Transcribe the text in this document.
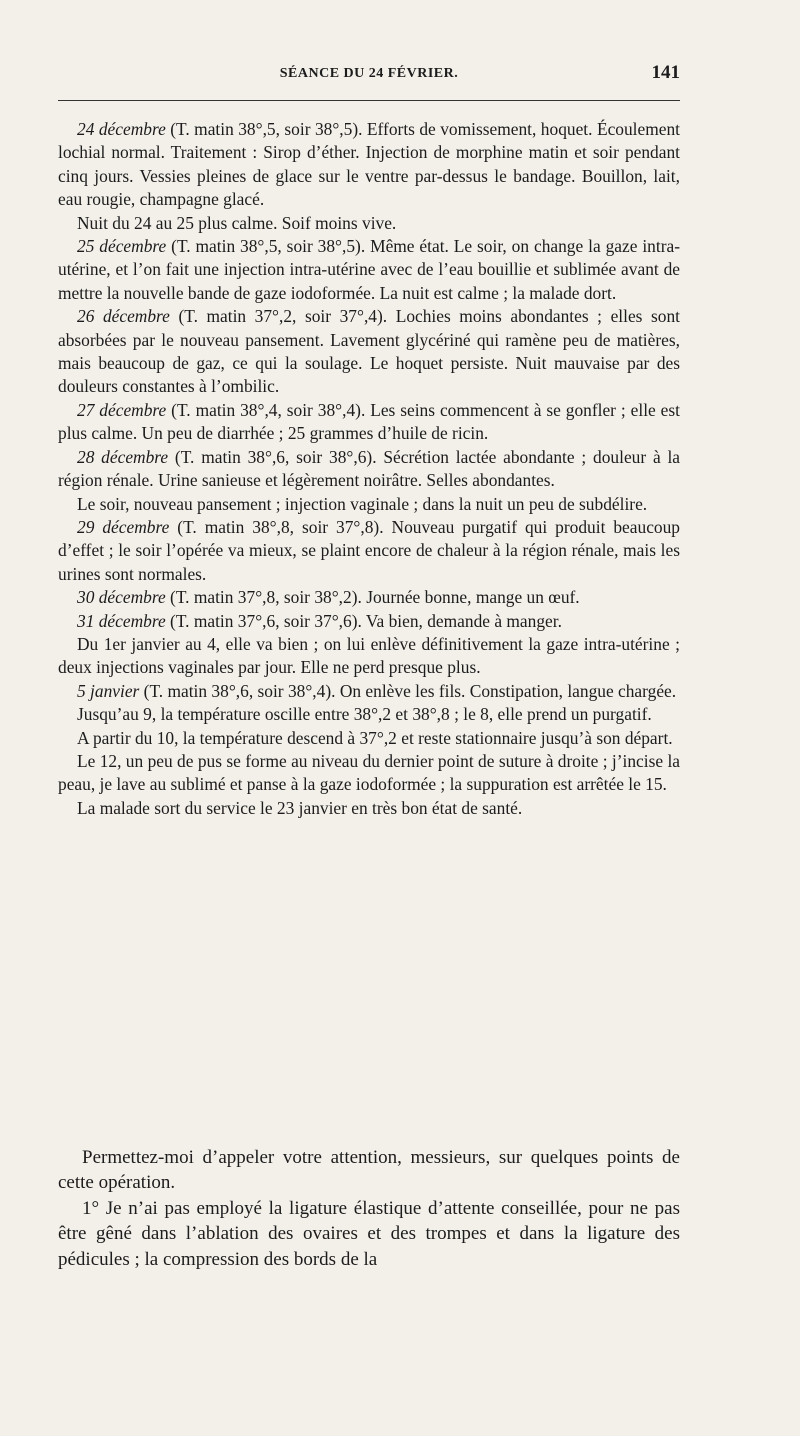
SÉANCE DU 24 FÉVRIER.	141

24 décembre (T. matin 38°,5, soir 38°,5). Efforts de vomissement, hoquet. Écoulement lochial normal. Traitement : Sirop d’éther. Injection de morphine matin et soir pendant cinq jours. Vessies pleines de glace sur le ventre par-dessus le bandage. Bouillon, lait, eau rougie, champagne glacé.

Nuit du 24 au 25 plus calme. Soif moins vive.

25 décembre (T. matin 38°,5, soir 38°,5). Même état. Le soir, on change la gaze intra-utérine, et l’on fait une injection intra-utérine avec de l’eau bouillie et sublimée avant de mettre la nouvelle bande de gaze iodoformée. La nuit est calme ; la malade dort.

26 décembre (T. matin 37°,2, soir 37°,4). Lochies moins abondantes ; elles sont absorbées par le nouveau pansement. Lavement glycériné qui ramène peu de matières, mais beaucoup de gaz, ce qui la soulage. Le hoquet persiste. Nuit mauvaise par des douleurs constantes à l’ombilic.

27 décembre (T. matin 38°,4, soir 38°,4). Les seins commencent à se gonfler ; elle est plus calme. Un peu de diarrhée ; 25 grammes d’huile de ricin.

28 décembre (T. matin 38°,6, soir 38°,6). Sécrétion lactée abondante ; douleur à la région rénale. Urine sanieuse et légèrement noirâtre. Selles abondantes.

Le soir, nouveau pansement ; injection vaginale ; dans la nuit un peu de subdélire.

29 décembre (T. matin 38°,8, soir 37°,8). Nouveau purgatif qui produit beaucoup d’effet ; le soir l’opérée va mieux, se plaint encore de chaleur à la région rénale, mais les urines sont normales.

30 décembre (T. matin 37°,8, soir 38°,2). Journée bonne, mange un œuf.

31 décembre (T. matin 37°,6, soir 37°,6). Va bien, demande à manger.

Du 1er janvier au 4, elle va bien ; on lui enlève définitivement la gaze intra-utérine ; deux injections vaginales par jour. Elle ne perd presque plus.

5 janvier (T. matin 38°,6, soir 38°,4). On enlève les fils. Constipation, langue chargée.

Jusqu’au 9, la température oscille entre 38°,2 et 38°,8 ; le 8, elle prend un purgatif.

A partir du 10, la température descend à 37°,2 et reste stationnaire jusqu’à son départ.

Le 12, un peu de pus se forme au niveau du dernier point de suture à droite ; j’incise la peau, je lave au sublimé et panse à la gaze iodoformée ; la suppuration est arrêtée le 15.

La malade sort du service le 23 janvier en très bon état de santé.

Permettez-moi d’appeler votre attention, messieurs, sur quelques points de cette opération.

1° Je n’ai pas employé la ligature élastique d’attente conseillée, pour ne pas être gêné dans l’ablation des ovaires et des trompes et dans la ligature des pédicules ; la compression des bords de la
